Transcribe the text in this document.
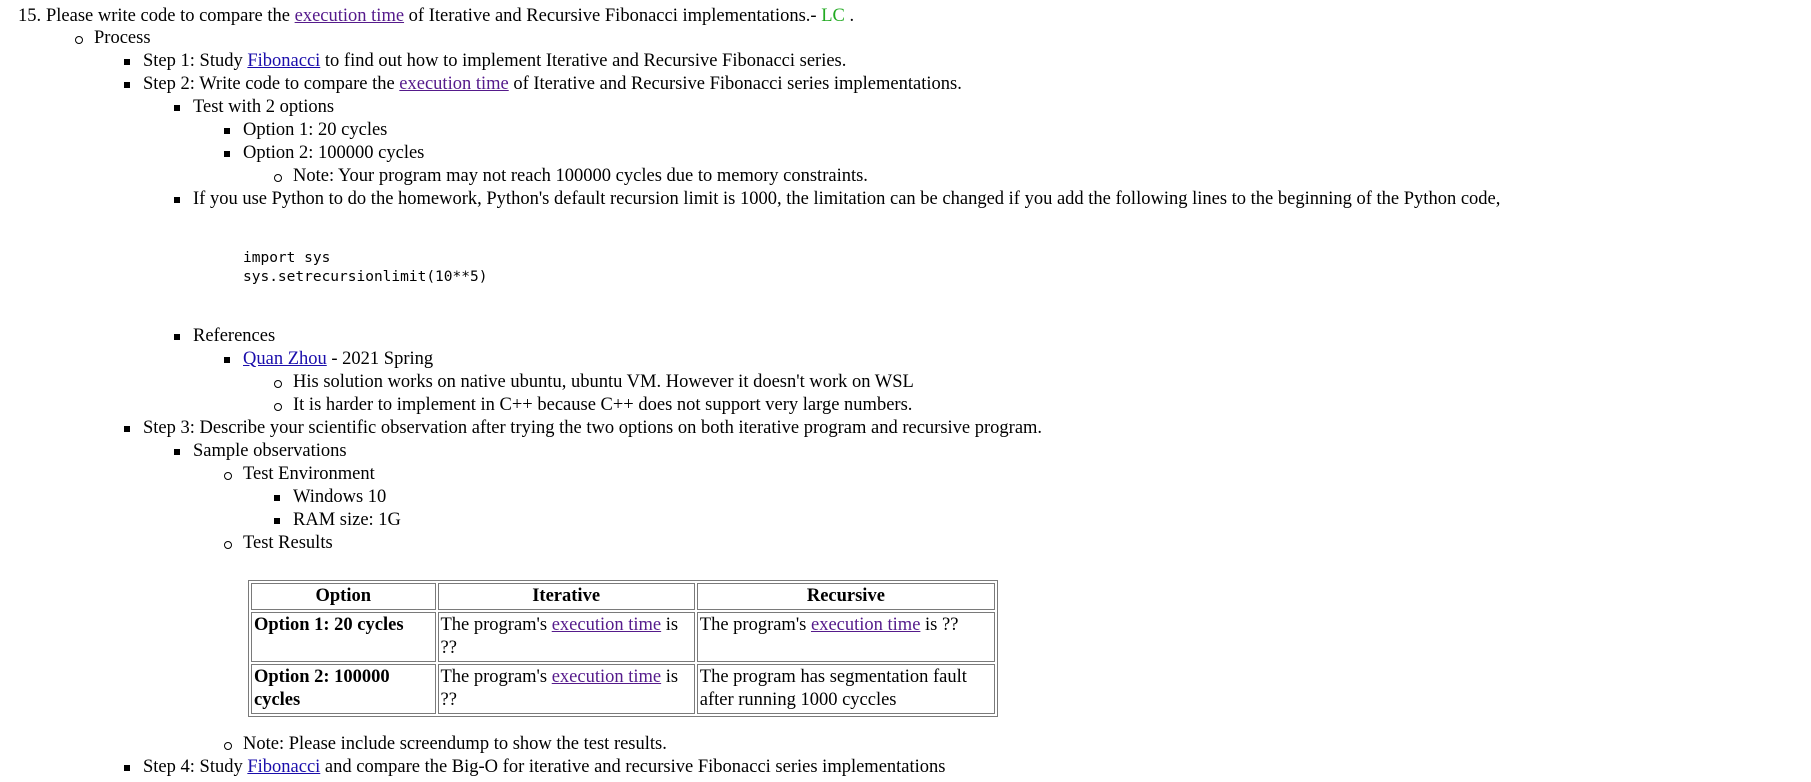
15. Please write code to compare the execution time of Iterative and Recursive Fibonacci implementations.- LC .
Process
Step 1: Study Fibonacci to find out how to implement Iterative and Recursive Fibonacci series.
Step 2: Write code to compare the execution time of Iterative and Recursive Fibonacci series implementations.
Test with 2 options
Option 1: 20 cycles
Option 2: 100000 cycles
Note: Your program may not reach 100000 cycles due to memory constraints.
If you use Python to do the homework, Python's default recursion limit is 1000, the limitation can be changed if you add the following lines to the beginning of the Python code,
import sys
sys.setrecursionlimit(10**5)
References
Quan Zhou - 2021 Spring
His solution works on native ubuntu, ubuntu VM. However it doesn't work on WSL
It is harder to implement in C++ because C++ does not support very large numbers.
Step 3: Describe your scientific observation after trying the two options on both iterative program and recursive program.
Sample observations
Test Environment
Windows 10
RAM size: 1G
Test Results
Option	Iterative	Recursive
Option 1: 20 cycles	The program's execution time is ??	The program's execution time is ??
Option 2: 100000 cycles	The program's execution time is ??	The program has segmentation fault after running 1000 cyccles
Note: Please include screendump to show the test results.
Step 4: Study Fibonacci and compare the Big-O for iterative and recursive Fibonacci series implementations
